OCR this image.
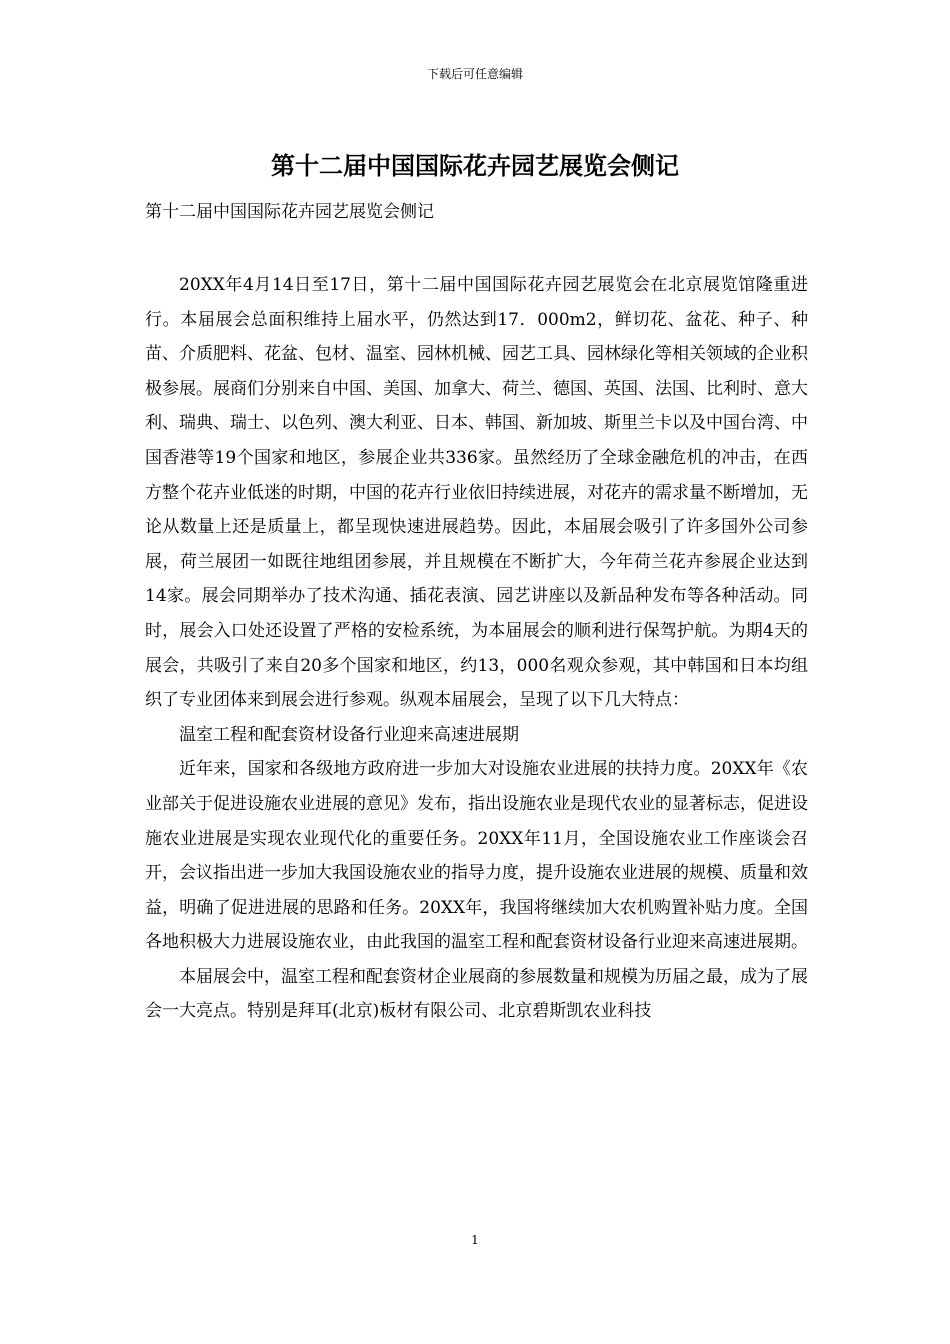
下载后可任意编辑
第十二届中国国际花卉园艺展览会侧记

第十二届中国国际花卉园艺展览会侧记

20XX年4月14日至17日，第十二届中国国际花卉园艺展览会在北京展览馆隆重进行。本届展会总面积维持上届水平，仍然达到17．000m2，鲜切花、盆花、种子、种苗、介质肥料、花盆、包材、温室、园林机械、园艺工具、园林绿化等相关领域的企业积极参展。展商们分别来自中国、美国、加拿大、荷兰、德国、英国、法国、比利时、意大利、瑞典、瑞士、以色列、澳大利亚、日本、韩国、新加坡、斯里兰卡以及中国台湾、中国香港等19个国家和地区，参展企业共336家。虽然经历了全球金融危机的冲击，在西方整个花卉业低迷的时期，中国的花卉行业依旧持续进展，对花卉的需求量不断增加，无论从数量上还是质量上，都呈现快速进展趋势。因此，本届展会吸引了许多国外公司参展，荷兰展团一如既往地组团参展，并且规模在不断扩大，今年荷兰花卉参展企业达到14家。展会同期举办了技术沟通、插花表演、园艺讲座以及新品种发布等各种活动。同时，展会入口处还设置了严格的安检系统，为本届展会的顺利进行保驾护航。为期4天的展会，共吸引了来自20多个国家和地区，约13，000名观众参观，其中韩国和日本均组织了专业团体来到展会进行参观。纵观本届展会，呈现了以下几大特点：

温室工程和配套资材设备行业迎来高速进展期

近年来，国家和各级地方政府进一步加大对设施农业进展的扶持力度。20XX年《农业部关于促进设施农业进展的意见》发布，指出设施农业是现代农业的显著标志，促进设施农业进展是实现农业现代化的重要任务。20XX年11月，全国设施农业工作座谈会召开，会议指出进一步加大我国设施农业的指导力度，提升设施农业进展的规模、质量和效益，明确了促进进展的思路和任务。20XX年，我国将继续加大农机购置补贴力度。全国各地积极大力进展设施农业，由此我国的温室工程和配套资材设备行业迎来高速进展期。

本届展会中，温室工程和配套资材企业展商的参展数量和规模为历届之最，成为了展会一大亮点。特别是拜耳(北京)板材有限公司、北京碧斯凯农业科技

1
